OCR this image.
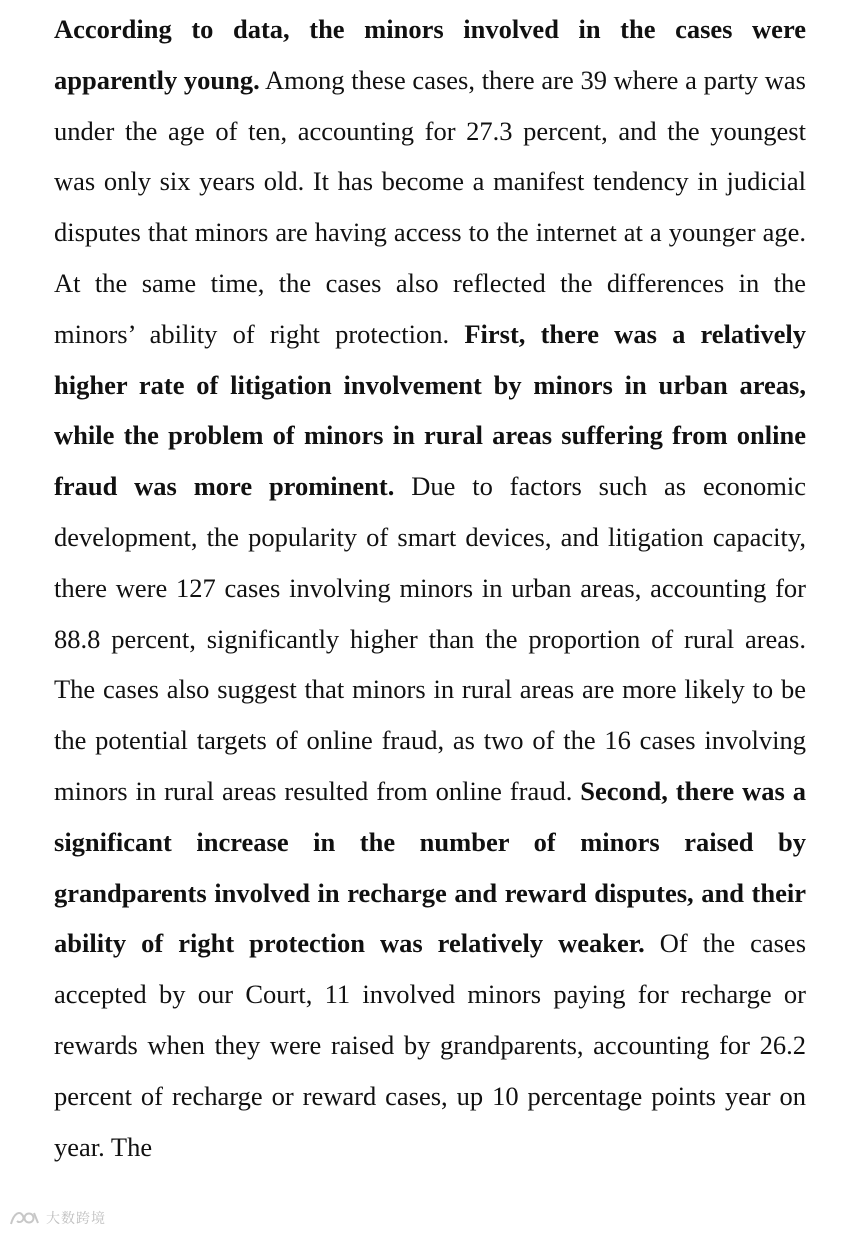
According to data, the minors involved in the cases were apparently young. Among these cases, there are 39 where a party was under the age of ten, accounting for 27.3 percent, and the youngest was only six years old. It has become a manifest tendency in judicial disputes that minors are having access to the internet at a younger age. At the same time, the cases also reflected the differences in the minors’ ability of right protection. First, there was a relatively higher rate of litigation involvement by minors in urban areas, while the problem of minors in rural areas suffering from online fraud was more prominent. Due to factors such as economic development, the popularity of smart devices, and litigation capacity, there were 127 cases involving minors in urban areas, accounting for 88.8 percent, significantly higher than the proportion of rural areas. The cases also suggest that minors in rural areas are more likely to be the potential targets of online fraud, as two of the 16 cases involving minors in rural areas resulted from online fraud. Second, there was a significant increase in the number of minors raised by grandparents involved in recharge and reward disputes, and their ability of right protection was relatively weaker. Of the cases accepted by our Court, 11 involved minors paying for recharge or rewards when they were raised by grandparents, accounting for 26.2 percent of recharge or reward cases, up 10 percentage points year on year. The

大数跨境
